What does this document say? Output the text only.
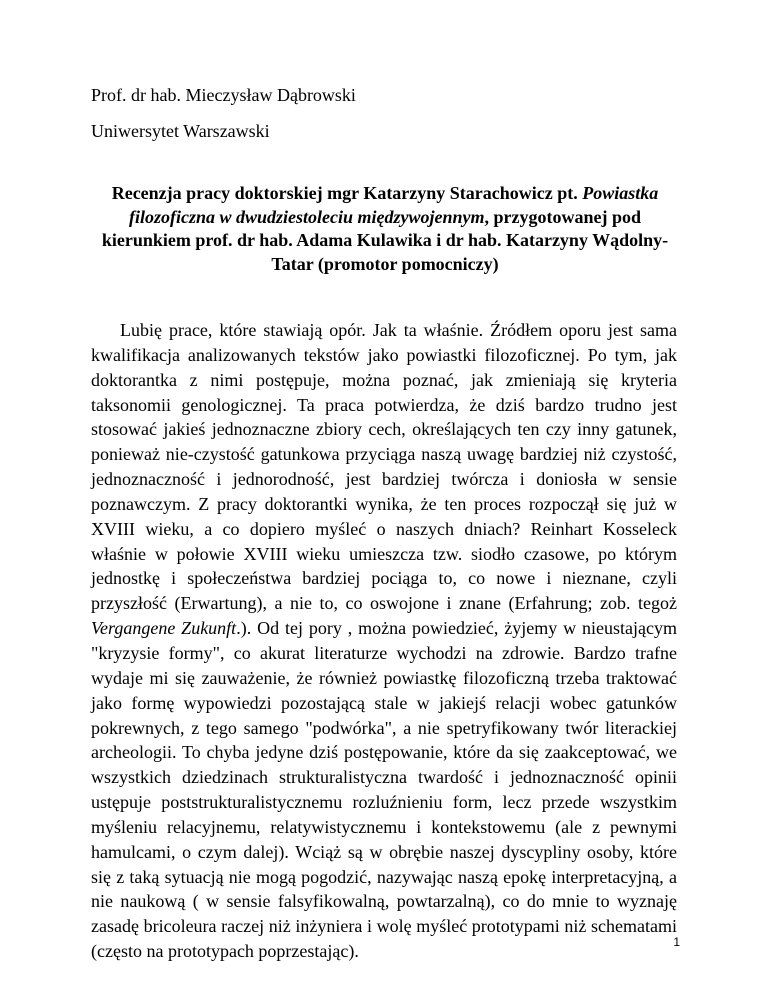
Prof. dr hab. Mieczysław Dąbrowski
Uniwersytet Warszawski
Recenzja pracy doktorskiej mgr Katarzyny Starachowicz pt. Powiastka filozoficzna w dwudziestoleciu międzywojennym, przygotowanej pod kierunkiem prof. dr hab. Adama Kulawika i dr hab. Katarzyny Wądolny-Tatar (promotor pomocniczy)

Lubię prace, które stawiają opór. Jak ta właśnie. Źródłem oporu jest sama kwalifikacja analizowanych tekstów jako powiastki filozoficznej. Po tym, jak doktorantka z nimi postępuje, można poznać, jak zmieniają się kryteria taksonomii genologicznej. Ta praca potwierdza, że dziś bardzo trudno jest stosować jakieś jednoznaczne zbiory cech, określających ten czy inny gatunek, ponieważ nie-czystość gatunkowa przyciąga naszą uwagę bardziej niż czystość, jednoznaczność i jednorodność, jest bardziej twórcza i doniosła w sensie poznawczym. Z pracy doktorantki wynika, że ten proces rozpoczął się już w XVIII wieku, a co dopiero myśleć o naszych dniach? Reinhart Kosseleck właśnie w połowie XVIII wieku umieszcza tzw. siodło czasowe, po którym jednostkę i społeczeństwa bardziej pociąga to, co nowe i nieznane, czyli przyszłość (Erwartung), a nie to, co oswojone i znane (Erfahrung; zob. tegoż Vergangene Zukunft.). Od tej pory , można powiedzieć, żyjemy w nieustającym "kryzysie formy", co akurat literaturze wychodzi na zdrowie. Bardzo trafne wydaje mi się zauważenie, że również powiastkę filozoficzną trzeba traktować jako formę wypowiedzi pozostającą stale w jakiejś relacji wobec gatunków pokrewnych, z tego samego "podwórka", a nie spetryfikowany twór literackiej archeologii. To chyba jedyne dziś postępowanie, które da się zaakceptować, we wszystkich dziedzinach strukturalistyczna twardość i jednoznaczność opinii ustępuje poststrukturalistycznemu rozluźnieniu form, lecz przede wszystkim myśleniu relacyjnemu, relatywistycznemu i kontekstowemu (ale z pewnymi hamulcami, o czym dalej). Wciąż są w obrębie naszej dyscypliny osoby, które się z taką sytuacją nie mogą pogodzić, nazywając naszą epokę interpretacyjną, a nie naukową ( w sensie falsyfikowalną, powtarzalną), co do mnie to wyznaję zasadę bricoleura raczej niż inżyniera i wolę myśleć prototypami niż schematami (często na prototypach poprzestając).	1
